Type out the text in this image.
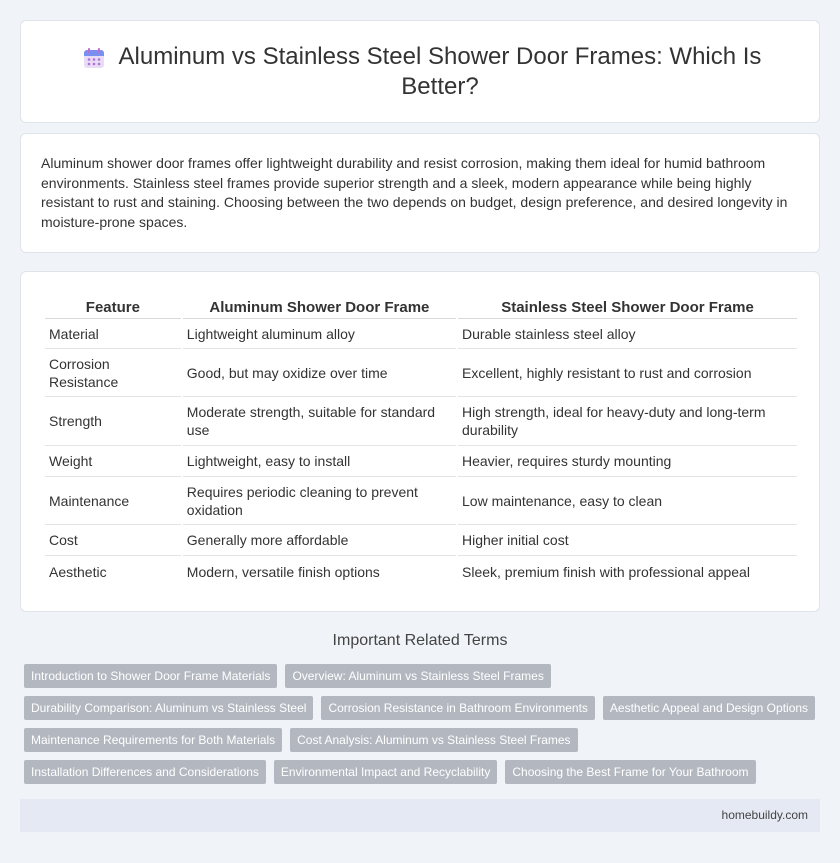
Aluminum vs Stainless Steel Shower Door Frames: Which Is Better?

Aluminum shower door frames offer lightweight durability and resist corrosion, making them ideal for humid bathroom environments. Stainless steel frames provide superior strength and a sleek, modern appearance while being highly resistant to rust and staining. Choosing between the two depends on budget, design preference, and desired longevity in moisture-prone spaces.

Feature	Aluminum Shower Door Frame	Stainless Steel Shower Door Frame
Material	Lightweight aluminum alloy	Durable stainless steel alloy
Corrosion Resistance	Good, but may oxidize over time	Excellent, highly resistant to rust and corrosion
Strength	Moderate strength, suitable for standard use	High strength, ideal for heavy-duty and long-term durability
Weight	Lightweight, easy to install	Heavier, requires sturdy mounting
Maintenance	Requires periodic cleaning to prevent oxidation	Low maintenance, easy to clean
Cost	Generally more affordable	Higher initial cost
Aesthetic	Modern, versatile finish options	Sleek, premium finish with professional appeal
Important Related Terms
Introduction to Shower Door Frame Materials	Overview: Aluminum vs Stainless Steel Frames
Durability Comparison: Aluminum vs Stainless Steel	Corrosion Resistance in Bathroom Environments	Aesthetic Appeal and Design Options
Maintenance Requirements for Both Materials	Cost Analysis: Aluminum vs Stainless Steel Frames
Installation Differences and Considerations	Environmental Impact and Recyclability	Choosing the Best Frame for Your Bathroom
homebuildy.com
